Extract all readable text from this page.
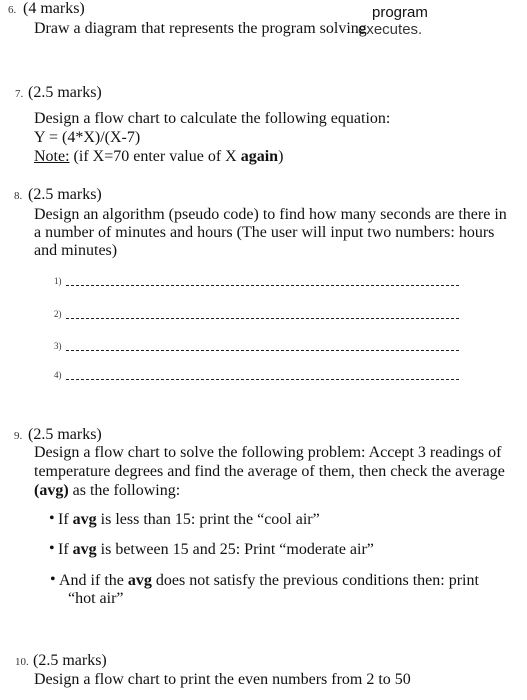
6. (4 marks)	program
Draw a diagram that represents the program solving
executes.
7. (2.5 marks)
Design a flow chart to calculate the following equation:
Y = (4*X)/(X-7)
Note: (if X=70 enter value of X again)
8. (2.5 marks)
Design an algorithm (pseudo code) to find how many seconds are there in
a number of minutes and hours (The user will input two numbers: hours
and minutes)
1)
2)
3)
4)
9. (2.5 marks)
Design a flow chart to solve the following problem: Accept 3 readings of
temperature degrees and find the average of them, then check the average
(avg) as the following:
• If avg is less than 15: print the “cool air”
• If avg is between 15 and 25: Print “moderate air”
• And if the avg does not satisfy the previous conditions then: print
“hot air”
10. (2.5 marks)
Design a flow chart to print the even numbers from 2 to 50
